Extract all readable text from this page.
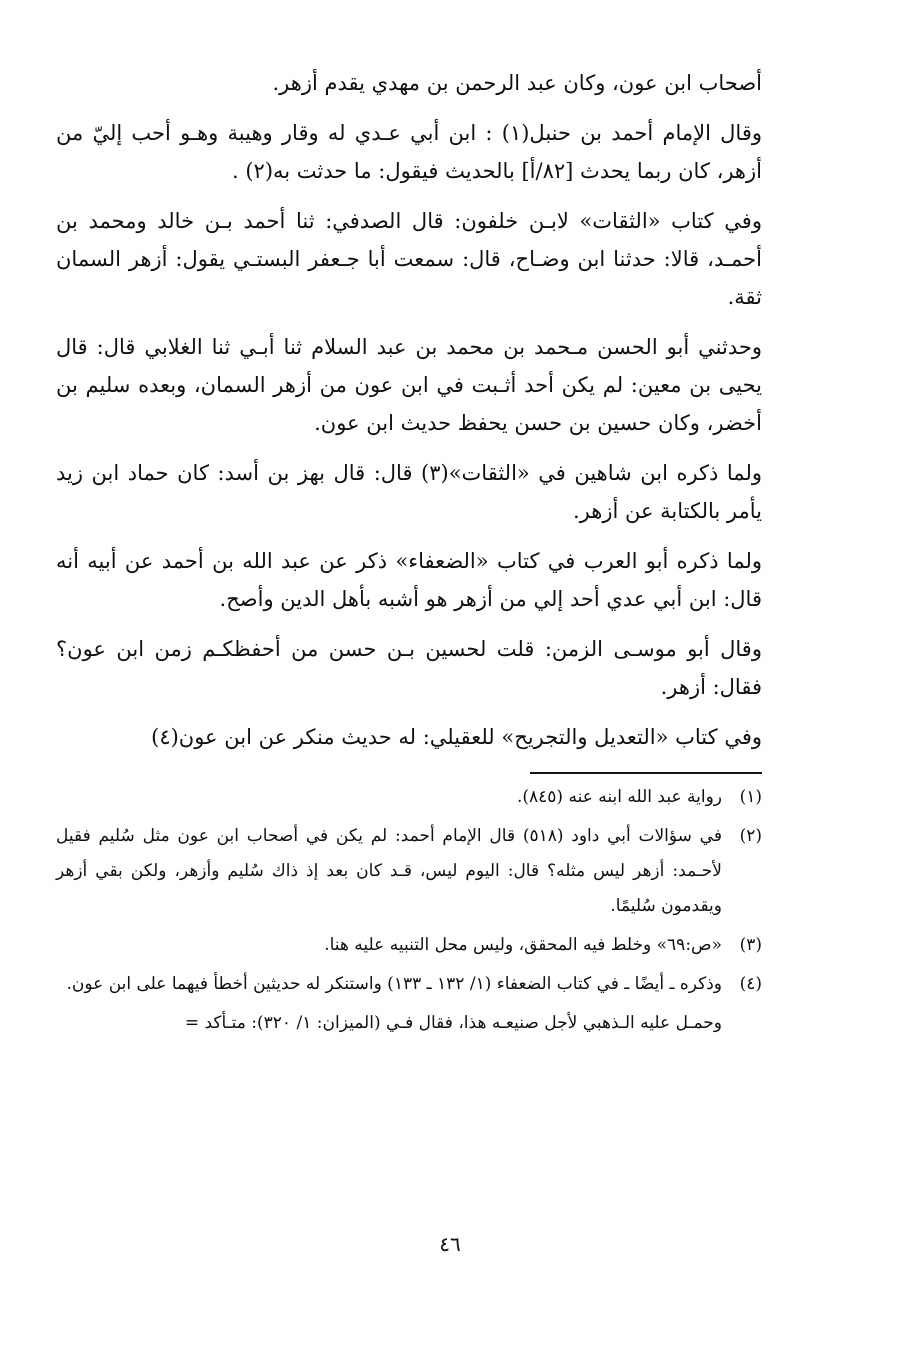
أصحاب ابن عون، وكان عبد الرحمن بن مهدي يقدم أزهر.

وقال الإمام أحمد بن حنبل(١) : ابن أبي عـدي له وقار وهيبة وهـو أحب إليّ من أزهر، كان ربما يحدث [٨٢/أ] بالحديث فيقول: ما حدثت به(٢) .

وفي كتاب «الثقات» لابـن خلفون: قال الصدفي: ثنا أحمد بـن خالد ومحمد بن أحمـد، قالا: حدثنا ابن وضـاح، قال: سمعت أبا جـعفر البستـي يقول: أزهر السمان ثقة.

وحدثني أبو الحسن مـحمد بن محمد بن عبد السلام ثنا أبـي ثنا الغلابي قال: قال يحيى بن معين: لم يكن أحد أثـبت في ابن عون من أزهر السمان، وبعده سليم بن أخضر، وكان حسين بن حسن يحفظ حديث ابن عون.

ولما ذكره ابن شاهين في «الثقات»(٣) قال: قال بهز بن أسد: كان حماد ابن زيد يأمر بالكتابة عن أزهر.

ولما ذكره أبو العرب في كتاب «الضعفاء» ذكر عن عبد الله بن أحمد عن أبيه أنه قال: ابن أبي عدي أحد إلي من أزهر هو أشبه بأهل الدين وأصح.

وقال أبو موسـى الزمن: قلت لحسين بـن حسن من أحفظكـم زمن ابن عون؟ فقال: أزهر.

وفي كتاب «التعديل والتجريح» للعقيلي: له حديث منكر عن ابن عون(٤)

(١)
رواية عبد الله ابنه عنه (٨٤٥).
(٢)
في سؤالات أبي داود (٥١٨) قال الإمام أحمد: لم يكن في أصحاب ابن عون مثل سُليم فقيل لأحـمد: أزهر ليس مثله؟ قال: اليوم ليس، قـد كان بعد إذ ذاك سُليم وأزهر، ولكن بقي أزهر ويقدمون سُليمًا.
(٣)
«ص:٦٩» وخلط فيه المحقق، وليس محل التنبيه عليه هنا.
(٤)
وذكره ـ أيضًا ـ في كتاب الضعفاء (١/ ١٣٢ ـ ١٣٣) واستنكر له حديثين أخطأ فيهما على ابن عون.
وحمـل عليه الـذهبي لأجل صنيعـه هذا، فقال فـي (الميزان: ١/ ٣٢٠): متـأكد =
٤٦
